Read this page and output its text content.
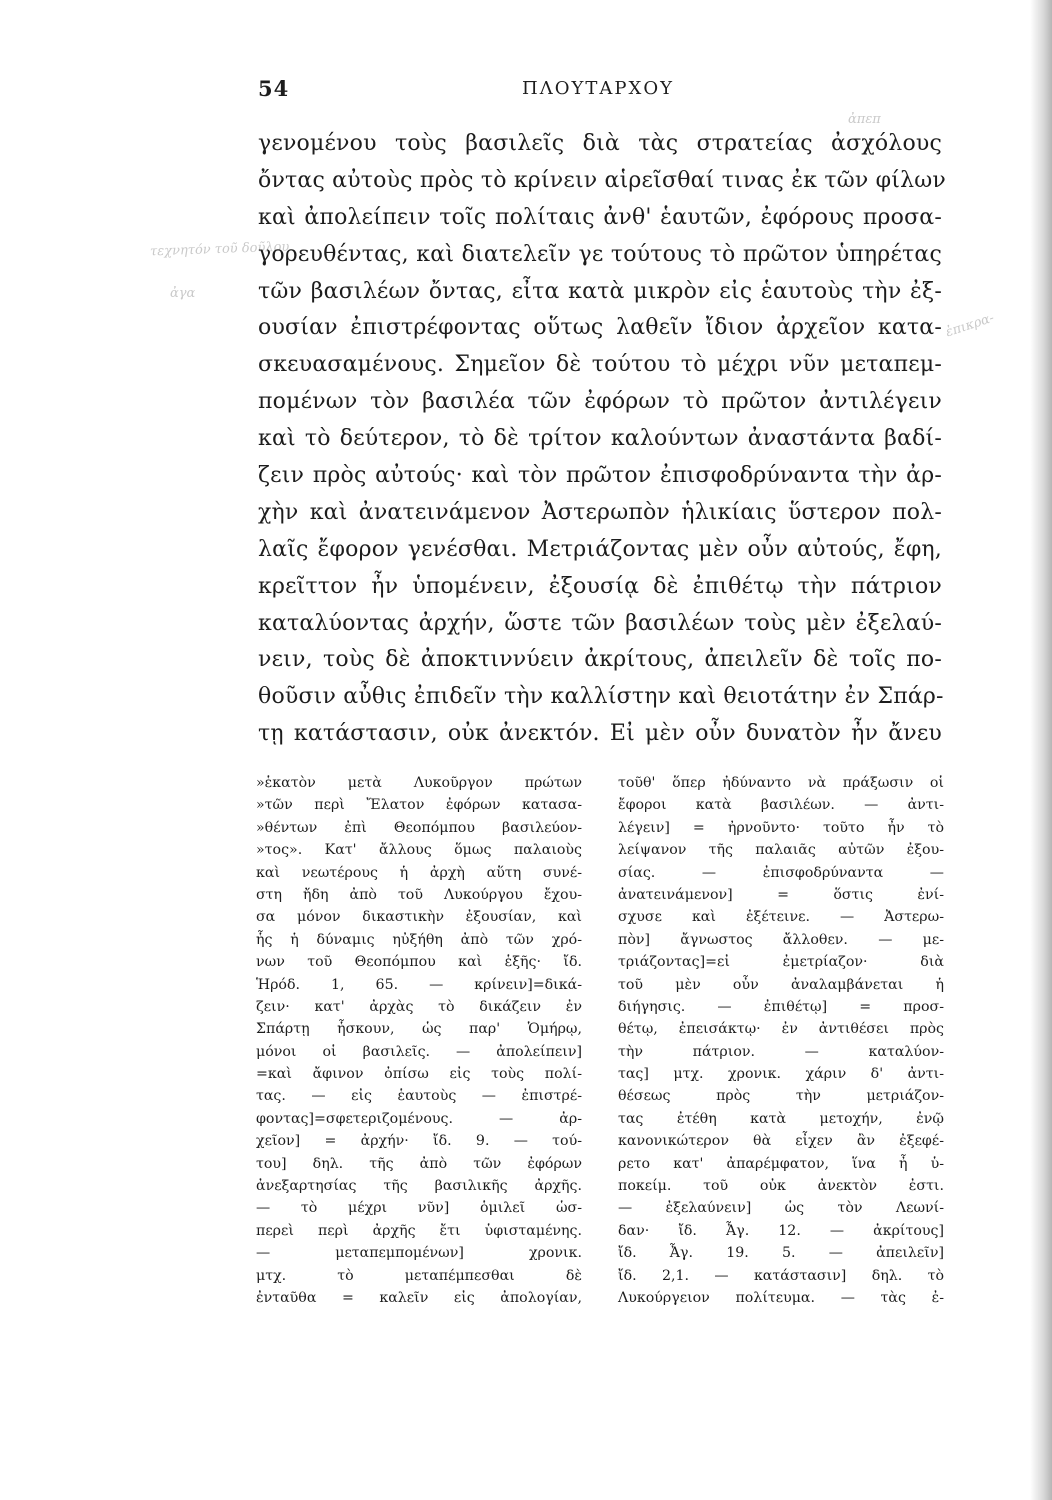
τεχνητόν τοῦ δοῦλου
ἐπικρα-
ἀπεπ
ἀγα
54	ΠΛΟΥΤΑΡΧΟΥ
γενομένου τοὺς βασιλεῖς διὰ τὰς στρατείας ἀσχόλους
ὄντας αὐτοὺς πρὸς τὸ κρίνειν αἱρεῖσθαί τινας ἐκ τῶν φίλων
καὶ ἀπολείπειν τοῖς πολίταις ἀνθ' ἑαυτῶν, ἐφόρους προσα-
γορευθέντας, καὶ διατελεῖν γε τούτους τὸ πρῶτον ὑπηρέτας
τῶν βασιλέων ὄντας, εἶτα κατὰ μικρὸν εἰς ἑαυτοὺς τὴν ἐξ-
ουσίαν ἐπιστρέφοντας οὕτως λαθεῖν ἴδιον ἀρχεῖον κατα-
σκευασαμένους. Σημεῖον δὲ τούτου τὸ μέχρι νῦν μεταπεμ-
πομένων τὸν βασιλέα τῶν ἐφόρων τὸ πρῶτον ἀντιλέγειν
καὶ τὸ δεύτερον, τὸ δὲ τρίτον καλούντων ἀναστάντα βαδί-
ζειν πρὸς αὐτούς· καὶ τὸν πρῶτον ἐπισφοδρύναντα τὴν ἀρ-
χὴν καὶ ἀνατεινάμενον Ἀστερωπὸν ἡλικίαις ὕστερον πολ-
λαῖς ἔφορον γενέσθαι. Μετριάζοντας μὲν οὖν αὐτούς, ἔφη,
κρεῖττον ἦν ὑπομένειν, ἐξουσίᾳ δὲ ἐπιθέτῳ τὴν πάτριον
καταλύοντας ἀρχήν, ὥστε τῶν βασιλέων τοὺς μὲν ἐξελαύ-
νειν, τοὺς δὲ ἀποκτιννύειν ἀκρίτους, ἀπειλεῖν δὲ τοῖς πο-
θοῦσιν αὖθις ἐπιδεῖν τὴν καλλίστην καὶ θειοτάτην ἐν Σπάρ-
τῃ κατάστασιν, οὐκ ἀνεκτόν. Εἰ μὲν οὖν δυνατὸν ἦν ἄνευ
»ἑκατὸν μετὰ Λυκοῦργον πρώτων
»τῶν περὶ Ἔλατον ἐφόρων κατασα-
»θέντων ἐπὶ Θεοπόμπου βασιλεύον-
»τος». Κατ' ἄλλους ὅμως παλαιοὺς
καὶ νεωτέρους ἡ ἀρχὴ αὕτη συνέ-
στη ἤδη ἀπὸ τοῦ Λυκούργου ἔχου-
σα μόνον δικαστικὴν ἐξουσίαν, καὶ
ἧς ἡ δύναμις ηὐξήθη ἀπὸ τῶν χρό-
νων τοῦ Θεοπόμπου καὶ ἑξῆς· ἴδ.
Ἡρόδ. 1, 65. — κρίνειν]=δικά-
ζειν· κατ' ἀρχὰς τὸ δικάζειν ἐν
Σπάρτῃ ἧσκουν, ὡς παρ' Ὁμήρῳ,
μόνοι οἱ βασιλεῖς. — ἀπολείπειν]
=καὶ ἄφινον ὀπίσω εἰς τοὺς πολί-
τας. — εἰς ἑαυτοὺς — ἐπιστρέ-
φοντας]=σφετεριζομένους. — ἀρ-
χεῖον] = ἀρχήν· ἴδ. 9. — τού-
του] δηλ. τῆς ἀπὸ τῶν ἐφόρων
ἀνεξαρτησίας τῆς βασιλικῆς ἀρχῆς.
— τὸ μέχρι νῦν] ὁμιλεῖ ὡσ-
περεὶ περὶ ἀρχῆς ἔτι ὑφισταμένης.
— μεταπεμπομένων] χρονικ.
μτχ. τὸ μεταπέμπεσθαι δὲ
ἐνταῦθα = καλεῖν εἰς ἀπολογίαν,
τοῦθ' ὅπερ ἠδύναντο νὰ πράξωσιν οἱ
ἔφοροι κατὰ βασιλέων. — ἀντι-
λέγειν] = ἠρνοῦντο· τοῦτο ἦν τὸ
λείψανον τῆς παλαιᾶς αὐτῶν ἐξου-
σίας. — ἐπισφοδρύναντα —
ἀνατεινάμενον] = ὅστις ἐνί-
σχυσε καὶ ἐξέτεινε. — Ἀστερω-
πὸν] ἄγνωστος ἄλλοθεν. — με-
τριάζοντας]=εἰ ἐμετρίαζον· διὰ
τοῦ μὲν οὖν ἀναλαμβάνεται ἡ
διήγησις. — ἐπιθέτῳ] = προσ-
θέτῳ, ἐπεισάκτῳ· ἐν ἀντιθέσει πρὸς
τὴν πάτριον. — καταλύον-
τας] μτχ. χρονικ. χάριν δ' ἀντι-
θέσεως πρὸς τὴν μετριάζον-
τας ἐτέθη κατὰ μετοχήν, ἐνῷ
κανονικώτερον θὰ εἶχεν ἂν ἐξεφέ-
ρετο κατ' ἀπαρέμφατον, ἵνα ἦ ὑ-
ποκείμ. τοῦ οὐκ ἀνεκτὸν ἐστι.
— ἐξελαύνειν] ὡς τὸν Λεωνί-
δαν· ἴδ. Ἆγ. 12. — ἀκρίτους]
ἴδ. Ἆγ. 19. 5. — ἀπειλεῖν]
ἴδ. 2,1. — κατάστασιν] δηλ. τὸ
Λυκούργειον πολίτευμα. — τὰς ἐ-
